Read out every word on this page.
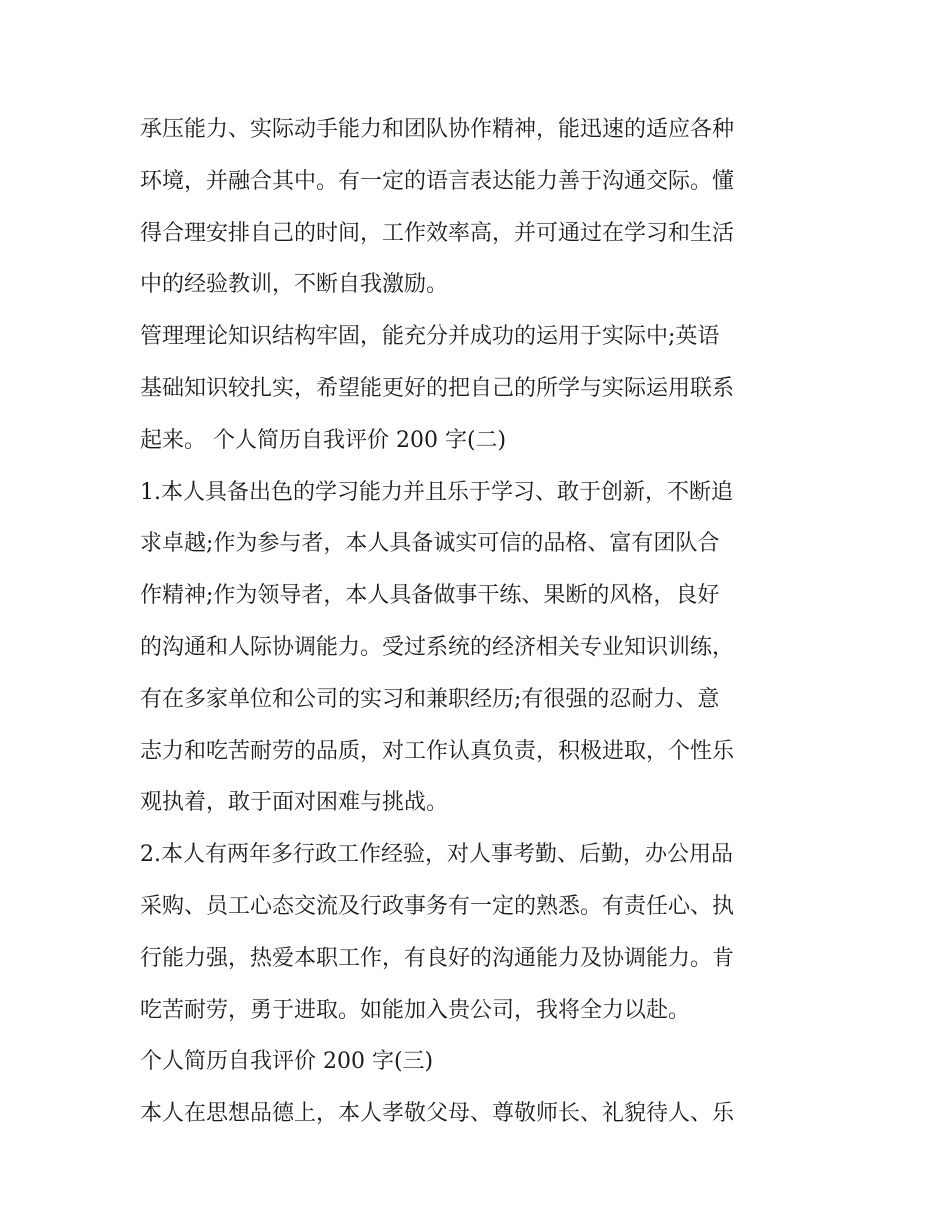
承压能力、实际动手能力和团队协作精神，能迅速的适应各种

环境，并融合其中。有一定的语言表达能力善于沟通交际。懂

得合理安排自己的时间，工作效率高，并可通过在学习和生活

中的经验教训，不断自我激励。

管理理论知识结构牢固，能充分并成功的运用于实际中;英语

基础知识较扎实，希望能更好的把自己的所学与实际运用联系

起来。 个人简历自我评价 200 字(二)

1.本人具备出色的学习能力并且乐于学习、敢于创新，不断追

求卓越;作为参与者，本人具备诚实可信的品格、富有团队合

作精神;作为领导者，本人具备做事干练、果断的风格，良好

的沟通和人际协调能力。受过系统的经济相关专业知识训练，

有在多家单位和公司的实习和兼职经历;有很强的忍耐力、意

志力和吃苦耐劳的品质，对工作认真负责，积极进取，个性乐

观执着，敢于面对困难与挑战。

2.本人有两年多行政工作经验，对人事考勤、后勤，办公用品

采购、员工心态交流及行政事务有一定的熟悉。有责任心、执

行能力强，热爱本职工作，有良好的沟通能力及协调能力。肯

吃苦耐劳，勇于进取。如能加入贵公司，我将全力以赴。

个人简历自我评价 200 字(三)

本人在思想品德上，本人孝敬父母、尊敬师长、礼貌待人、乐
